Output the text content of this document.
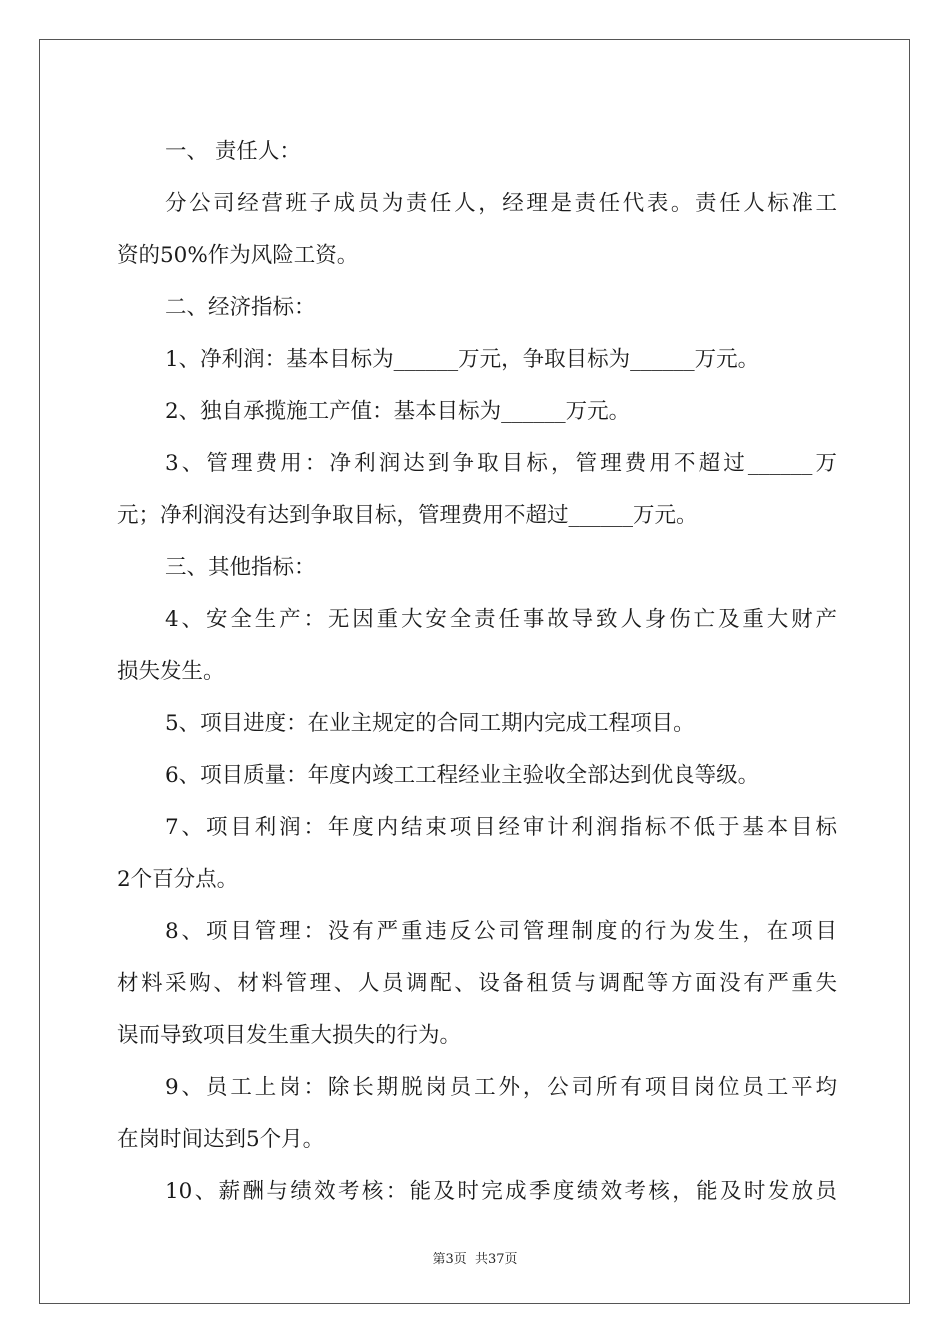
一、 责任人：
分公司经营班子成员为责任人，经理是责任代表。责任人标准工
资的50%作为风险工资。
二、经济指标：
1、净利润：基本目标为______万元，争取目标为______万元。
2、独自承揽施工产值：基本目标为______万元。
3、管理费用：净利润达到争取目标，管理费用不超过______万
元；净利润没有达到争取目标，管理费用不超过______万元。
三、其他指标：
4、安全生产：无因重大安全责任事故导致人身伤亡及重大财产
损失发生。
5、项目进度：在业主规定的合同工期内完成工程项目。
6、项目质量：年度内竣工工程经业主验收全部达到优良等级。
7、项目利润：年度内结束项目经审计利润指标不低于基本目标
2个百分点。
8、项目管理：没有严重违反公司管理制度的行为发生，在项目
材料采购、材料管理、人员调配、设备租赁与调配等方面没有严重失
误而导致项目发生重大损失的行为。
9、员工上岗：除长期脱岗员工外，公司所有项目岗位员工平均
在岗时间达到5个月。
10、薪酬与绩效考核：能及时完成季度绩效考核，能及时发放员
第3页 共37页
